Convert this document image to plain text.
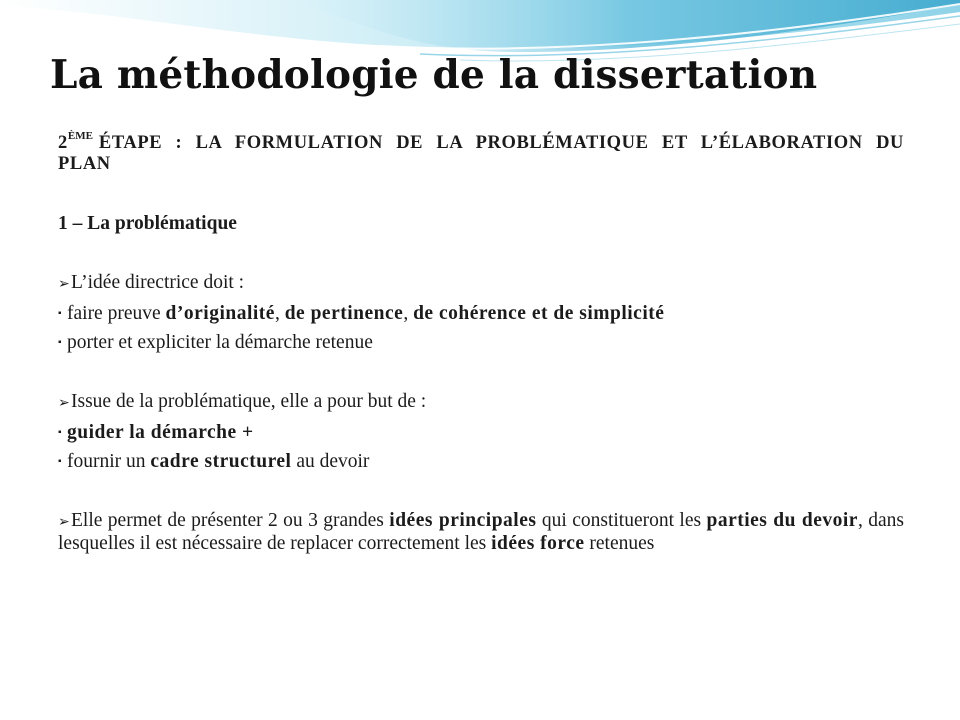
La méthodologie de la dissertation

2ÈME ÉTAPE : LA FORMULATION DE LA PROBLÉMATIQUE ET L’ÉLABORATION DU PLAN

1 – La problématique

➢L’idée directrice doit :

▪ faire preuve d’originalité, de pertinence, de cohérence et de simplicité

▪ porter et expliciter la démarche retenue

➢Issue de la problématique, elle a pour but de :

▪ guider la démarche +

▪ fournir un cadre structurel au devoir

➢Elle permet de présenter 2 ou 3 grandes idées principales qui constitueront les parties du devoir, dans lesquelles il est nécessaire de replacer correctement les idées force retenues
